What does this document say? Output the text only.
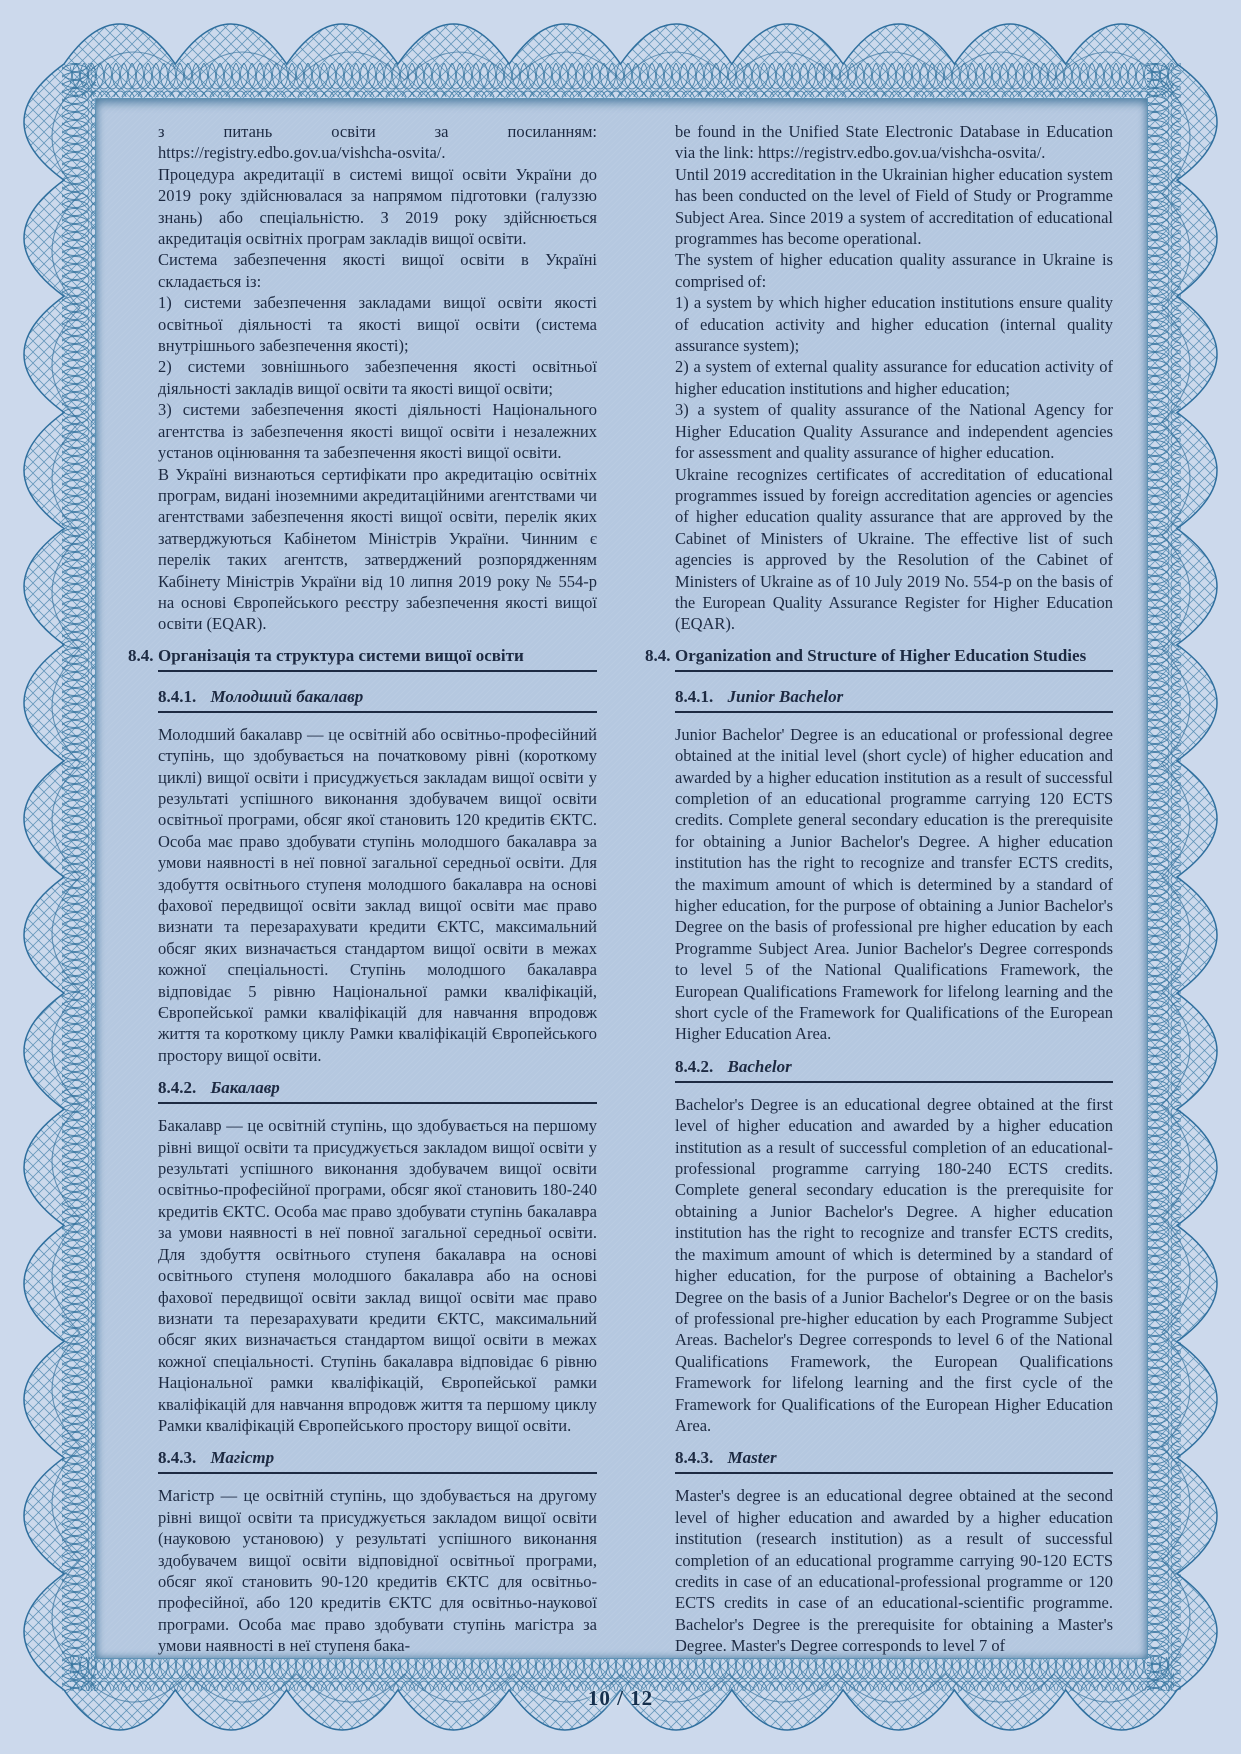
з питань освіти за посиланням: https://registry.edbo.gov.ua/vishcha-osvita/.

Процедура акредитації в системі вищої освіти України до 2019 року здійснювалася за напрямом підготовки (галуззю знань) або спеціальністю. З 2019 року здійснюється акредитація освітніх програм закладів вищої освіти.

Система забезпечення якості вищої освіти в Україні складається із:

1) системи забезпечення закладами вищої освіти якості освітньої діяльності та якості вищої освіти (система внутрішнього забезпечення якості);

2) системи зовнішнього забезпечення якості освітньої діяльності закладів вищої освіти та якості вищої освіти;

3) системи забезпечення якості діяльності Національного агентства із забезпечення якості вищої освіти і незалежних установ оцінювання та забезпечення якості вищої освіти.

В Україні визнаються сертифікати про акредитацію освітніх програм, видані іноземними акредитаційними агентствами чи агентствами забезпечення якості вищої освіти, перелік яких затверджуються Кабінетом Міністрів України. Чинним є перелік таких агентств, затверджений розпорядженням Кабінету Міністрів України від 10 липня 2019 року № 554-р на основі Європейського реєстру забезпечення якості вищої освіти (EQAR).

8.4. Організація та структура системи вищої освіти
8.4.1. Молодший бакалавр

Молодший бакалавр — це освітній або освітньо-професійний ступінь, що здобувається на початковому рівні (короткому циклі) вищої освіти і присуджується закладам вищої освіти у результаті успішного виконання здобувачем вищої освіти освітньої програми, обсяг якої становить 120 кредитів ЄКТС. Особа має право здобувати ступінь молодшого бакалавра за умови наявності в неї повної загальної середньої освіти. Для здобуття освітнього ступеня молодшого бакалавра на основі фахової передвищої освіти заклад вищої освіти має право визнати та перезарахувати кредити ЄКТС, максимальний обсяг яких визначається стандартом вищої освіти в межах кожної спеціальності. Ступінь молодшого бакалавра відповідає 5 рівню Національної рамки кваліфікацій, Європейської рамки кваліфікацій для навчання впродовж життя та короткому циклу Рамки кваліфікацій Європейського простору вищої освіти.

8.4.2. Бакалавр

Бакалавр — це освітній ступінь, що здобувається на першому рівні вищої освіти та присуджується закладом вищої освіти у результаті успішного виконання здобувачем вищої освіти освітньо-професійної програми, обсяг якої становить 180-240 кредитів ЄКТС. Особа має право здобувати ступінь бакалавра за умови наявності в неї повної загальної середньої освіти. Для здобуття освітнього ступеня бакалавра на основі освітнього ступеня молодшого бакалавра або на основі фахової передвищої освіти заклад вищої освіти має право визнати та перезарахувати кредити ЄКТС, максимальний обсяг яких визначається стандартом вищої освіти в межах кожної спеціальності. Ступінь бакалавра відповідає 6 рівню Національної рамки кваліфікацій, Європейської рамки кваліфікацій для навчання впродовж життя та першому циклу Рамки кваліфікацій Європейського простору вищої освіти.

8.4.3. Магістр

Магістр — це освітній ступінь, що здобувається на другому рівні вищої освіти та присуджується закладом вищої освіти (науковою установою) у результаті успішного виконання здобувачем вищої освіти відповідної освітньої програми, обсяг якої становить 90-120 кредитів ЄКТС для освітньо-професійної, або 120 кредитів ЄКТС для освітньо-наукової програми. Особа має право здобувати ступінь магістра за умови наявності в неї ступеня бака-

be found in the Unified State Electronic Database in Education via the link: https://registrv.edbo.gov.ua/vishcha-osvita/.

Until 2019 accreditation in the Ukrainian higher education system has been conducted on the level of Field of Study or Programme Subject Area. Since 2019 a system of accreditation of educational programmes has become operational.

The system of higher education quality assurance in Ukraine is comprised of:

1) a system by which higher education institutions ensure quality of education activity and higher education (internal quality assurance system);

2) a system of external quality assurance for education activity of higher education institutions and higher education;

3) a system of quality assurance of the National Agency for Higher Education Quality Assurance and independent agencies for assessment and quality assurance of higher education.

Ukraine recognizes certificates of accreditation of educational programmes issued by foreign accreditation agencies or agencies of higher education quality assurance that are approved by the Cabinet of Ministers of Ukraine. The effective list of such agencies is approved by the Resolution of the Cabinet of Ministers of Ukraine as of 10 July 2019 No. 554-p on the basis of the European Quality Assurance Register for Higher Education (EQAR).

8.4. Organization and Structure of Higher Education Studies
8.4.1. Junior Bachelor

Junior Bachelor' Degree is an educational or professional degree obtained at the initial level (short cycle) of higher education and awarded by a higher education institution as a result of successful completion of an educational programme carrying 120 ECTS credits. Complete general secondary education is the prerequisite for obtaining a Junior Bachelor's Degree. A higher education institution has the right to recognize and transfer ECTS credits, the maximum amount of which is determined by a standard of higher education, for the purpose of obtaining a Junior Bachelor's Degree on the basis of professional pre higher education by each Programme Subject Area. Junior Bachelor's Degree corresponds to level 5 of the National Qualifications Framework, the European Qualifications Framework for lifelong learning and the short cycle of the Framework for Qualifications of the European Higher Education Area.

8.4.2. Bachelor

Bachelor's Degree is an educational degree obtained at the first level of higher education and awarded by a higher education institution as a result of successful completion of an educational-professional programme carrying 180-240 ECTS credits. Complete general secondary education is the prerequisite for obtaining a Junior Bachelor's Degree. A higher education institution has the right to recognize and transfer ECTS credits, the maximum amount of which is determined by a standard of higher education, for the purpose of obtaining a Bachelor's Degree on the basis of a Junior Bachelor's Degree or on the basis of professional pre-higher education by each Programme Subject Areas. Bachelor's Degree corresponds to level 6 of the National Qualifications Framework, the European Qualifications Framework for lifelong learning and the first cycle of the Framework for Qualifications of the European Higher Education Area.

8.4.3. Master

Master's degree is an educational degree obtained at the second level of higher education and awarded by a higher education institution (research institution) as a result of successful completion of an educational programme carrying 90-120 ECTS credits in case of an educational-professional programme or 120 ECTS credits in case of an educational-scientific programme. Bachelor's Degree is the prerequisite for obtaining a Master's Degree. Master's Degree corresponds to level 7 of

10 / 12
